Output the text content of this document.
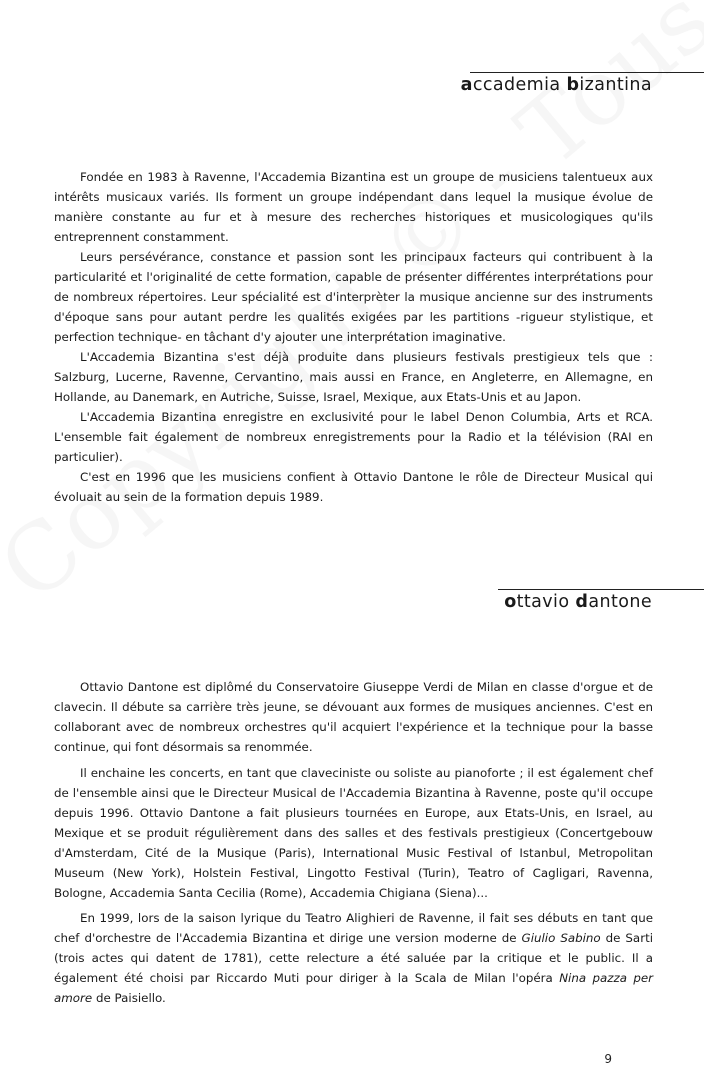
accademia bizantina

Fondée en 1983 à Ravenne, l'Accademia Bizantina est un groupe de musiciens talentueux aux intérêts musicaux variés. Ils forment un groupe indépendant dans lequel la musique évolue de manière constante au fur et à mesure des recherches historiques et musicologiques qu'ils entreprennent constamment.

Leurs persévérance, constance et passion sont les principaux facteurs qui contribuent à la particularité et l'originalité de cette formation, capable de présenter différentes interprétations pour de nombreux répertoires. Leur spécialité est d'interprèter la musique ancienne sur des instruments d'époque sans pour autant perdre les qualités exigées par les partitions -rigueur stylistique, et perfection technique- en tâchant d'y ajouter une interprétation imaginative.

L'Accademia Bizantina s'est déjà produite dans plusieurs festivals prestigieux tels que : Salzburg, Lucerne, Ravenne, Cervantino, mais aussi en France, en Angleterre, en Allemagne, en Hollande, au Danemark, en Autriche, Suisse, Israel, Mexique, aux Etats-Unis et au Japon.

L'Accademia Bizantina enregistre en exclusivité pour le label Denon Columbia, Arts et RCA. L'ensemble fait également de nombreux enregistrements pour la Radio et la télévision (RAI en particulier).

C'est en 1996 que les musiciens confient à Ottavio Dantone le rôle de Directeur Musical qui évoluait au sein de la formation depuis 1989.

ottavio dantone

Ottavio Dantone est diplômé du Conservatoire Giuseppe Verdi de Milan en classe d'orgue et de clavecin. Il débute sa carrière très jeune, se dévouant aux formes de musiques anciennes. C'est en collaborant avec de nombreux orchestres qu'il acquiert l'expérience et la technique pour la basse continue, qui font désormais sa renommée.

Il enchaine les concerts, en tant que claveciniste ou soliste au pianoforte ; il est également chef de l'ensemble ainsi que le Directeur Musical de l'Accademia Bizantina à Ravenne, poste qu'il occupe depuis 1996. Ottavio Dantone a fait plusieurs tournées en Europe, aux Etats-Unis, en Israel, au Mexique et se produit régulièrement dans des salles et des festivals prestigieux (Concertgebouw d'Amsterdam, Cité de la Musique (Paris), International Music Festival of Istanbul, Metropolitan Museum (New York), Holstein Festival, Lingotto Festival (Turin), Teatro of Cagligari, Ravenna, Bologne, Accademia Santa Cecilia (Rome), Accademia Chigiana (Siena)...

En 1999, lors de la saison lyrique du Teatro Alighieri de Ravenne, il fait ses débuts en tant que chef d'orchestre de l'Accademia Bizantina et dirige une version moderne de Giulio Sabino de Sarti (trois actes qui datent de 1781), cette relecture a été saluée par la critique et le public. Il a également été choisi par Riccardo Muti pour diriger à la Scala de Milan l'opéra Nina pazza per amore de Paisiello.

9
